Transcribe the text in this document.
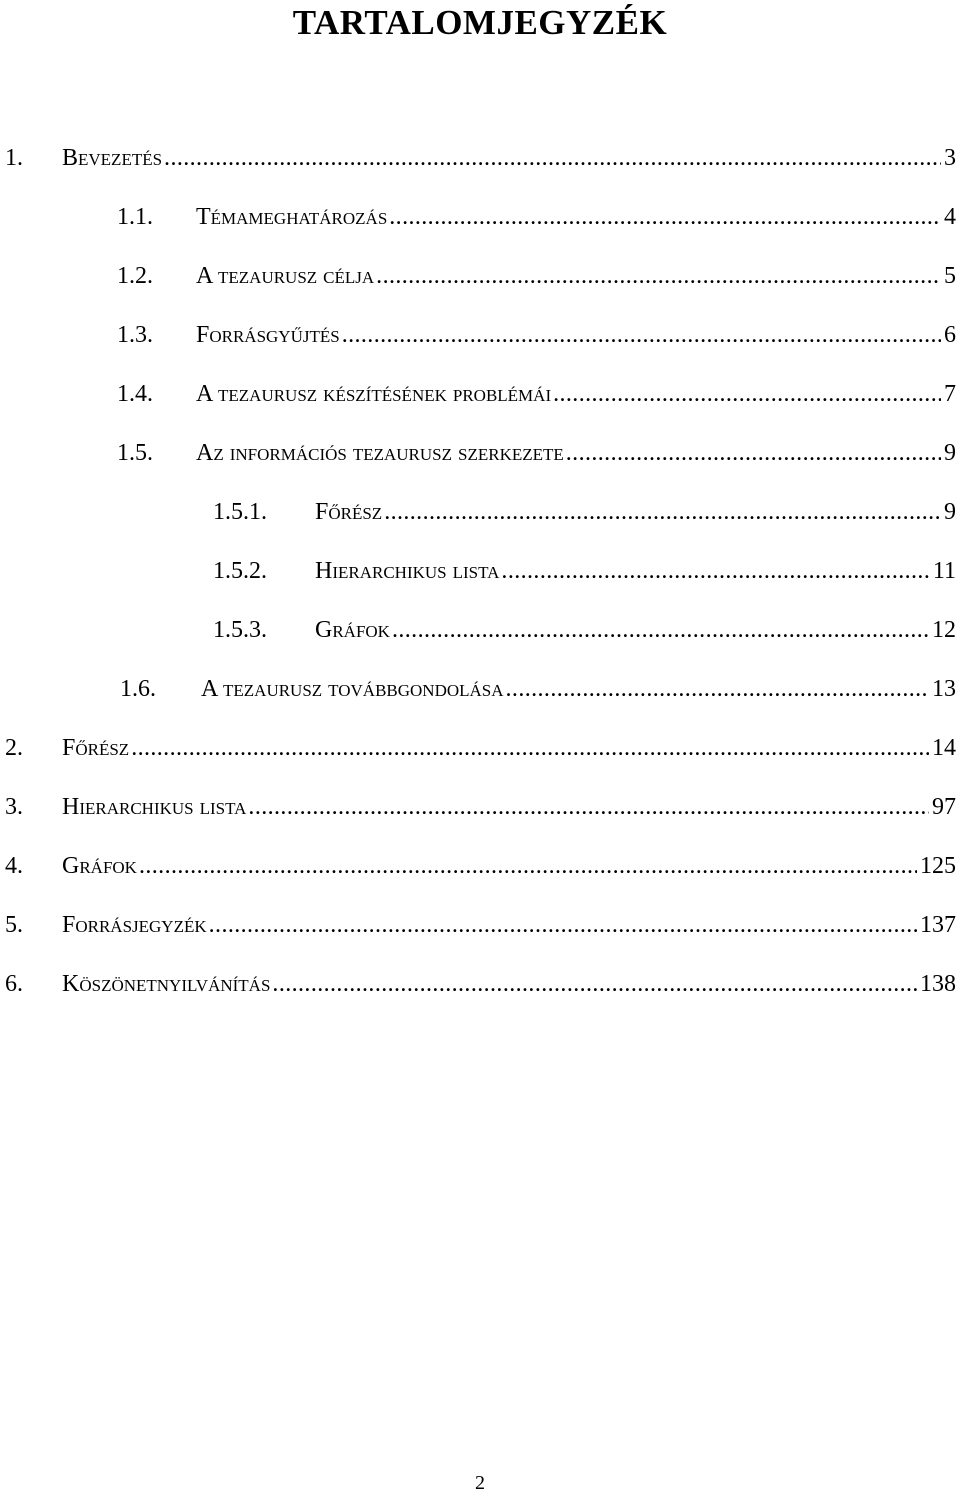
TARTALOMJEGYZÉK
1.	Bevezetés .....	3
1.1.	Témameghatározás .....	4
1.2.	A tezaurusz célja .....	5
1.3.	Forrásgyűjtés .....	6
1.4.	A tezaurusz készítésének problémái .....	7
1.5.	Az információs tezaurusz szerkezete .....	9
1.5.1.	Főrész .....	9
1.5.2.	Hierarchikus lista .....	11
1.5.3.	Gráfok .....	12
1.6.	A tezaurusz továbbgondolása .....	13
2.	Főrész .....	14
3.	Hierarchikus lista .....	97
4.	Gráfok .....	125
5.	Forrásjegyzék .....	137
6.	Köszönetnyilvánítás .....	138
2
